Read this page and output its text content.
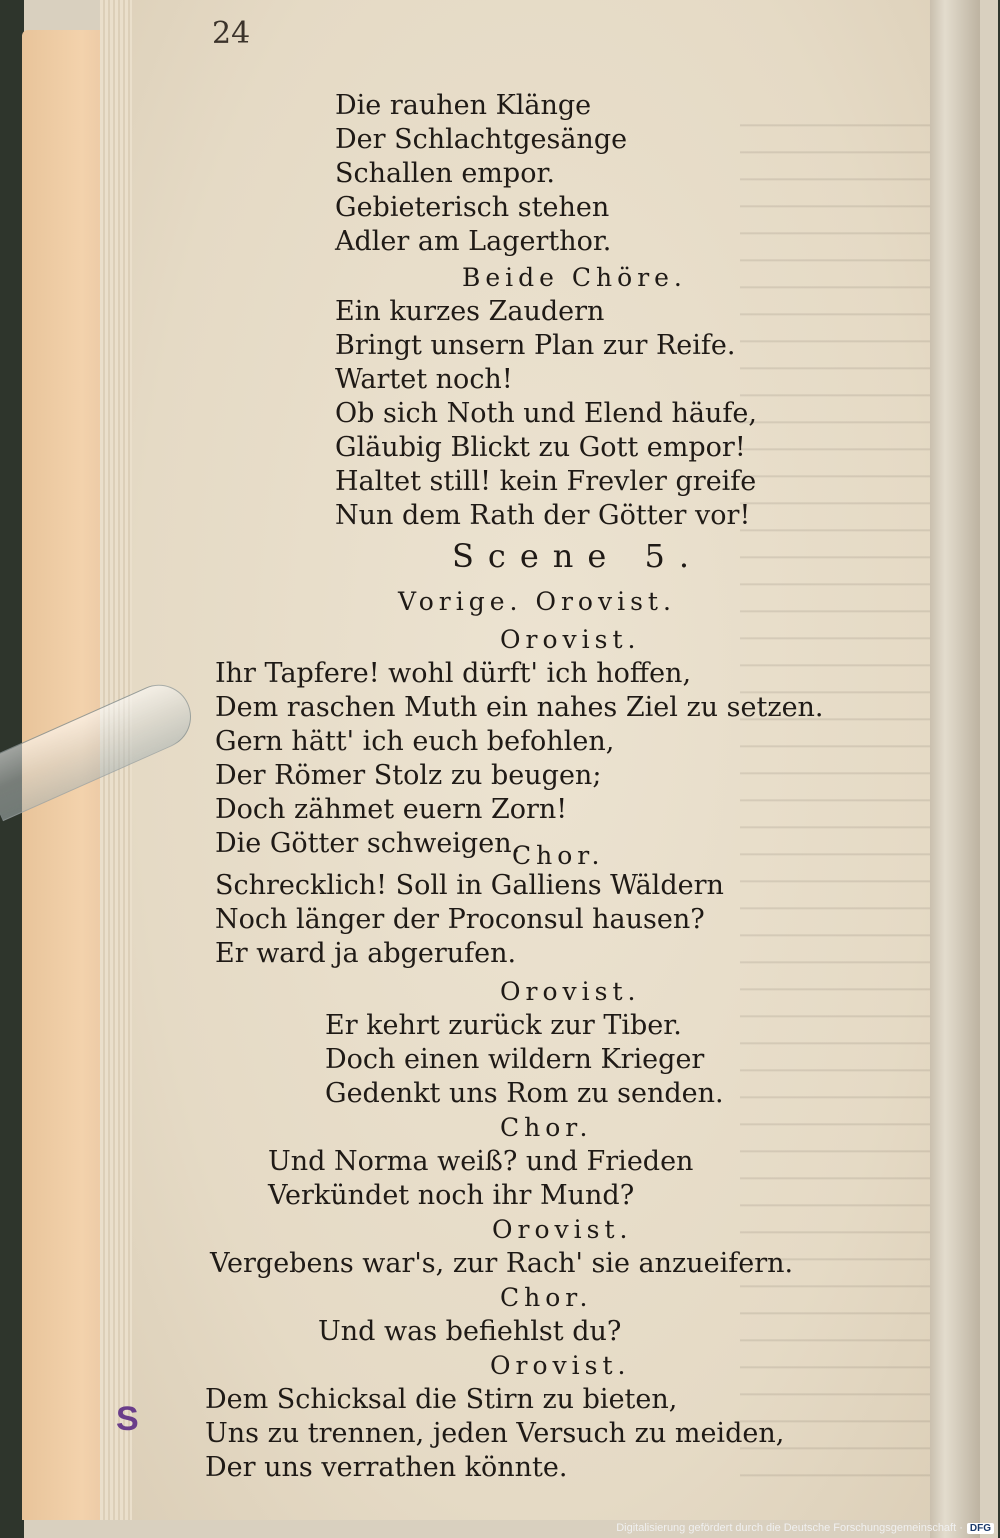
24
Die rauhen Klänge
Der Schlachtgesänge
Schallen empor.
Gebieterisch stehen
Adler am Lagerthor.
Beide Chöre.
Ein kurzes Zaudern
Bringt unsern Plan zur Reife.
Wartet noch!
Ob sich Noth und Elend häufe,
Gläubig Blickt zu Gott empor!
Haltet still! kein Frevler greife
Nun dem Rath der Götter vor!
Scene 5.
Vorige. Orovist.
Orovist.
Ihr Tapfere! wohl dürft' ich hoffen,
Dem raschen Muth ein nahes Ziel zu setzen.
Gern hätt' ich euch befohlen,
Der Römer Stolz zu beugen;
Doch zähmet euern Zorn!
Die Götter schweigen.
Chor.
Schrecklich! Soll in Galliens Wäldern
Noch länger der Proconsul hausen?
Er ward ja abgerufen.
Orovist.
Er kehrt zurück zur Tiber.
Doch einen wildern Krieger
Gedenkt uns Rom zu senden.
Chor.
Und Norma weiß? und Frieden
Verkündet noch ihr Mund?
Orovist.
Vergebens war's, zur Rach' sie anzueifern.
Chor.
Und was befiehlst du?
Orovist.
Dem Schicksal die Stirn zu bieten,
Uns zu trennen, jeden Versuch zu meiden,
Der uns verrathen könnte.
S
Digitalisierung gefördert durch die Deutsche Forschungsgemeinschaft · DFG
